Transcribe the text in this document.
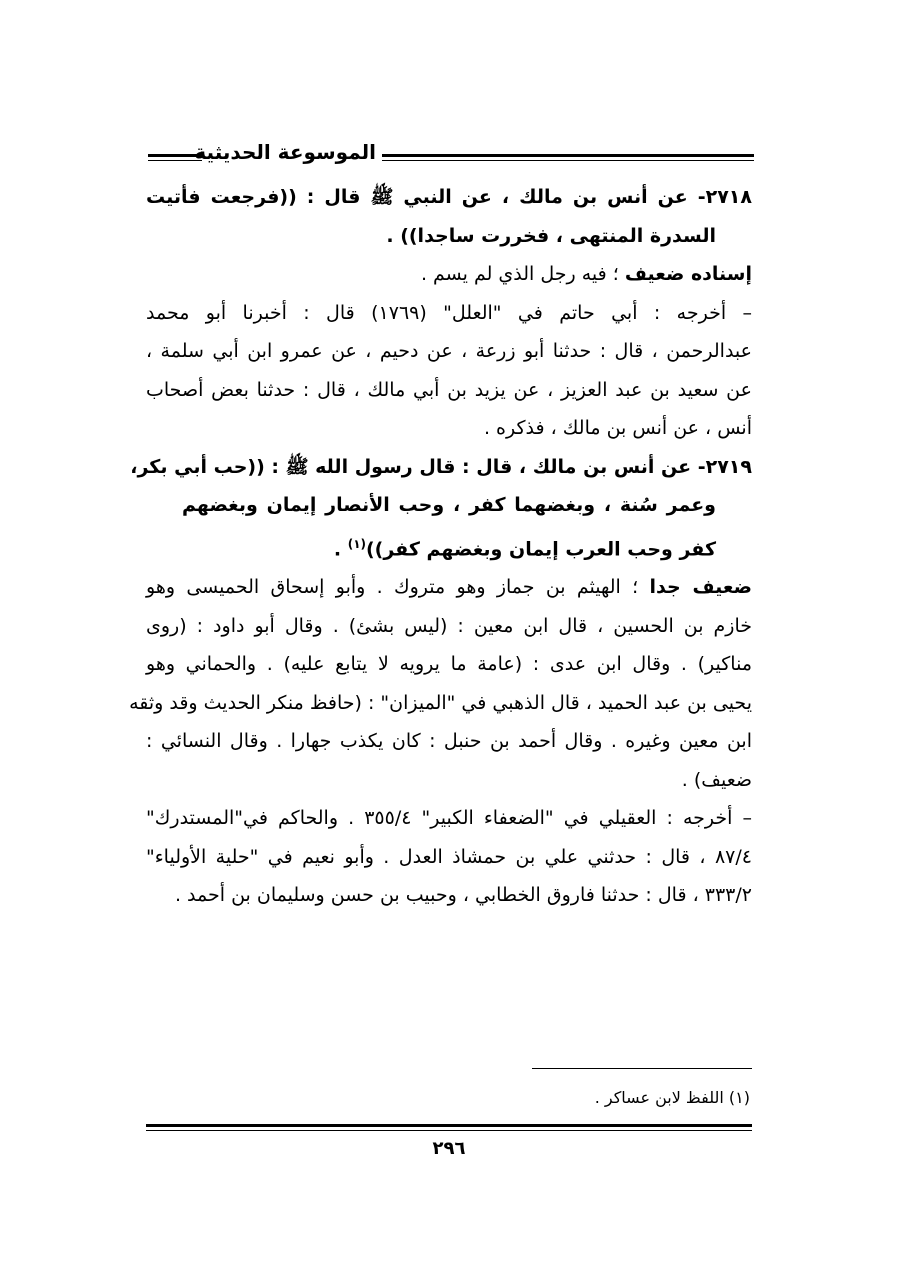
الموسوعة الحديثية
٢٧١٨- عن أنس بن مالك ، عن النبي ﷺ قال : ((فرجعت فأتيت
السدرة المنتهى ، فخررت ساجدا)) .
إسناده ضعيف ؛ فيه رجل الذي لم يسم .
– أخرجه : أبي حاتم في "العلل" (١٧٦٩) قال : أخبرنا أبو محمد
عبدالرحمن ، قال : حدثنا أبو زرعة ، عن دحيم ، عن عمرو ابن أبي سلمة ،
عن سعيد بن عبد العزيز ، عن يزيد بن أبي مالك ، قال : حدثنا بعض أصحاب
أنس ، عن أنس بن مالك ، فذكره .
٢٧١٩- عن أنس بن مالك ، قال : قال رسول الله ﷺ : ((حب أبي بكر،
وعمر سُنة ، وبغضهما كفر ، وحب الأنصار إيمان وبغضهم
كفر وحب العرب إيمان وبغضهم كفر))$^{(١)}$ .
ضعيف جدا ؛ الهيثم بن جماز وهو متروك . وأبو إسحاق الحميسى وهو
خازم بن الحسين ، قال ابن معين : (ليس بشئ) . وقال أبو داود : (روى
مناكير) . وقال ابن عدى : (عامة ما يرويه لا يتابع عليه) . والحماني وهو
يحيى بن عبد الحميد ، قال الذهبي في "الميزان" : (حافظ منكر الحديث وقد وثقه
ابن معين وغيره . وقال أحمد بن حنبل : كان يكذب جهارا . وقال النسائي :
ضعيف) .
– أخرجه : العقيلي في "الضعفاء الكبير" ٣٥٥/٤ . والحاكم في"المستدرك"
٨٧/٤ ، قال : حدثني علي بن حمشاذ العدل . وأبو نعيم في "حلية الأولياء"
٣٣٣/٢ ، قال : حدثنا فاروق الخطابي ، وحبيب بن حسن وسليمان بن أحمد .
(١) اللفظ لابن عساكر .
٢٩٦
